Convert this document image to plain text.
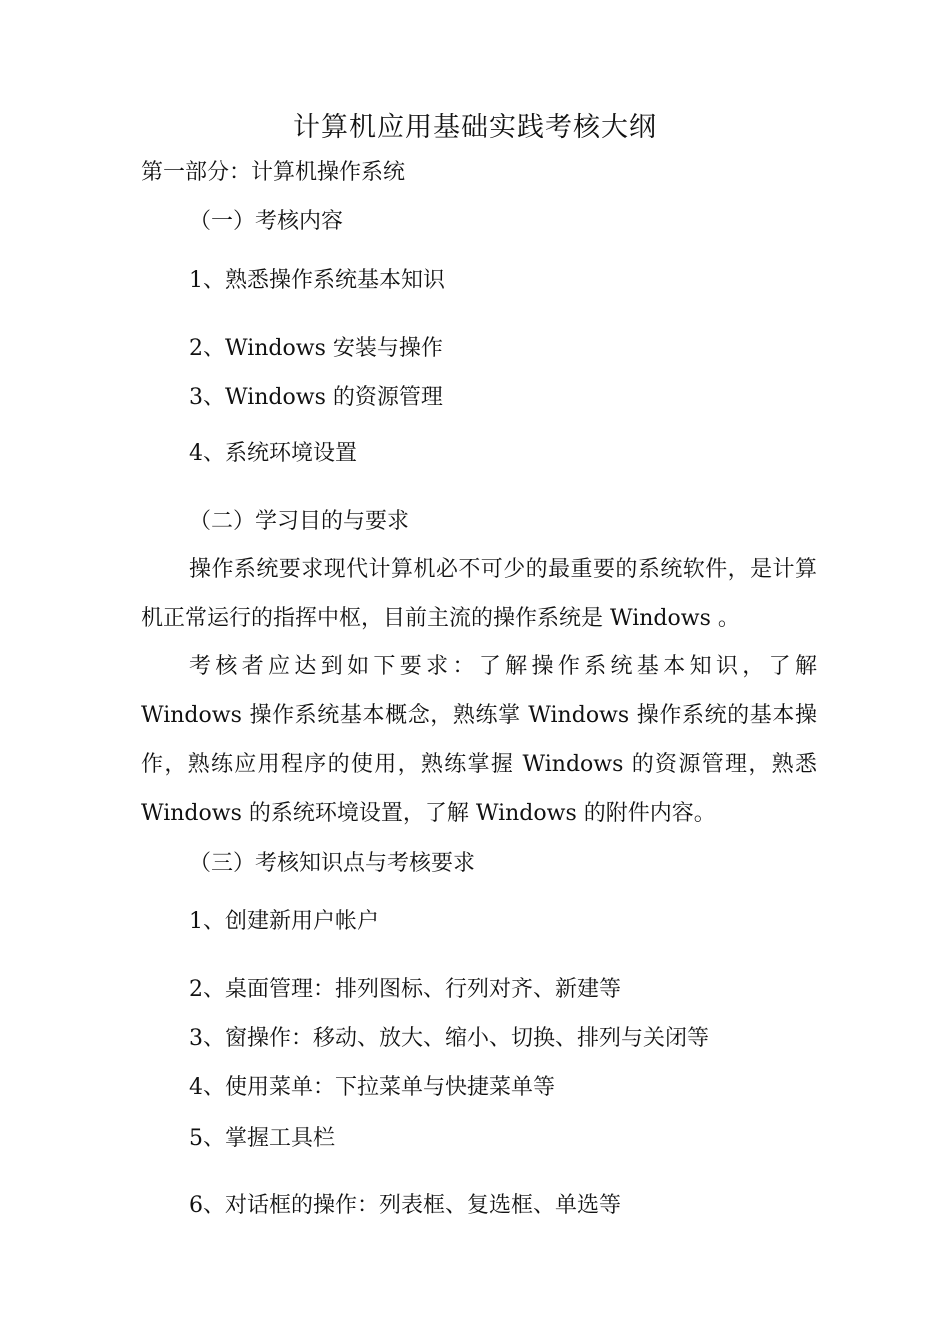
计算机应用基础实践考核大纲
第一部分：计算机操作系统
（一）考核内容
1、熟悉操作系统基本知识
2、Windows 安装与操作
3、Windows 的资源管理
4、系统环境设置
（二）学习目的与要求
操作系统要求现代计算机必不可少的最重要的系统软件，是计算机正常运行的指挥中枢，目前主流的操作系统是 Windows 。
考核者应达到如下要求：了解操作系统基本知识，了解 Windows 操作系统基本概念，熟练掌 Windows 操作系统的基本操作，熟练应用程序的使用，熟练掌握 Windows 的资源管理，熟悉 Windows 的系统环境设置，了解 Windows 的附件内容。
（三）考核知识点与考核要求
1、创建新用户帐户
2、桌面管理：排列图标、行列对齐、新建等
3、窗操作：移动、放大、缩小、切换、排列与关闭等
4、使用菜单：下拉菜单与快捷菜单等
5、掌握工具栏
6、对话框的操作：列表框、复选框、单选等
